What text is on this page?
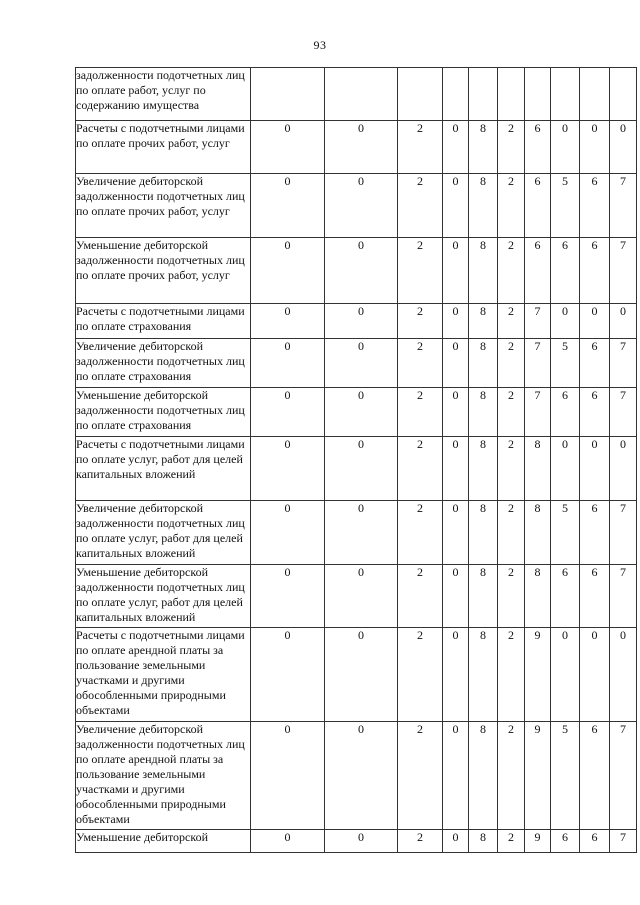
93
задолженности подотчетных лиц по оплате работ, услуг по содержанию имущества										
Расчеты с подотчетными лицами по оплате прочих работ, услуг	0	0	2	0	8	2	6	0	0	0
Увеличение дебиторской задолженности подотчетных лиц по оплате прочих работ, услуг	0	0	2	0	8	2	6	5	6	7
Уменьшение дебиторской задолженности подотчетных лиц по оплате прочих работ, услуг	0	0	2	0	8	2	6	6	6	7
Расчеты с подотчетными лицами по оплате страхования	0	0	2	0	8	2	7	0	0	0
Увеличение дебиторской задолженности подотчетных лиц по оплате страхования	0	0	2	0	8	2	7	5	6	7
Уменьшение дебиторской задолженности подотчетных лиц по оплате страхования	0	0	2	0	8	2	7	6	6	7
Расчеты с подотчетными лицами по оплате услуг, работ для целей капитальных вложений	0	0	2	0	8	2	8	0	0	0
Увеличение дебиторской задолженности подотчетных лиц по оплате услуг, работ для целей капитальных вложений	0	0	2	0	8	2	8	5	6	7
Уменьшение дебиторской задолженности подотчетных лиц по оплате услуг, работ для целей капитальных вложений	0	0	2	0	8	2	8	6	6	7
Расчеты с подотчетными лицами по оплате арендной платы за пользование земельными участками и другими обособленными природными объектами	0	0	2	0	8	2	9	0	0	0
Увеличение дебиторской задолженности подотчетных лиц по оплате арендной платы за пользование земельными участками и другими обособленными природными объектами	0	0	2	0	8	2	9	5	6	7
Уменьшение дебиторской	0	0	2	0	8	2	9	6	6	7
